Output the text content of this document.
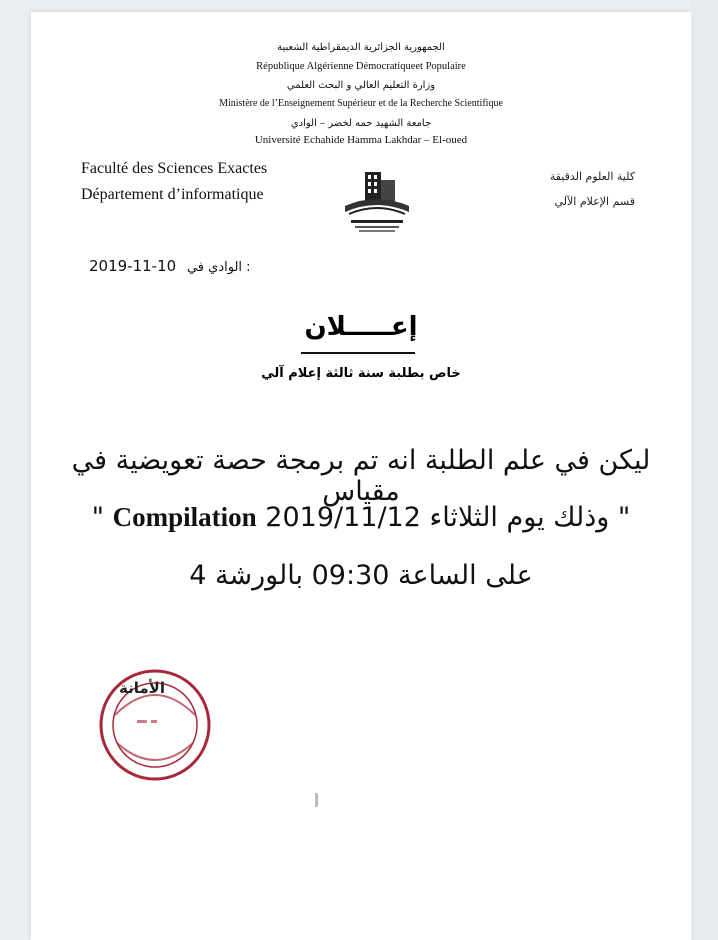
الجمهورية الجزائرية الديمقراطية الشعبية
République Algérienne Démocratiqueet Populaire
وزارة التعليم العالي و البحث العلمي
Ministère de l’Enseignement Supérieur et de la Recherche Scientifique
جامعة الشهيد حمه لخضر – الوادي
Université Echahide Hamma Lakhdar – El-oued
Faculté des Sciences Exactes
Département d’informatique
كلية العلوم الدقيقة
قسم الإعلام الآلي
2019-11-10 الوادي في :
إعـــــلان
خاص بطلبة سنة ثالثة إعلام آلي
ليكن في علم الطلبة انه تم برمجة حصة تعويضية في مقياس
" وذلك يوم الثلاثاء 2019/11/12 Compilation "
على الساعة 09:30 بالورشة 4
الأمانة
